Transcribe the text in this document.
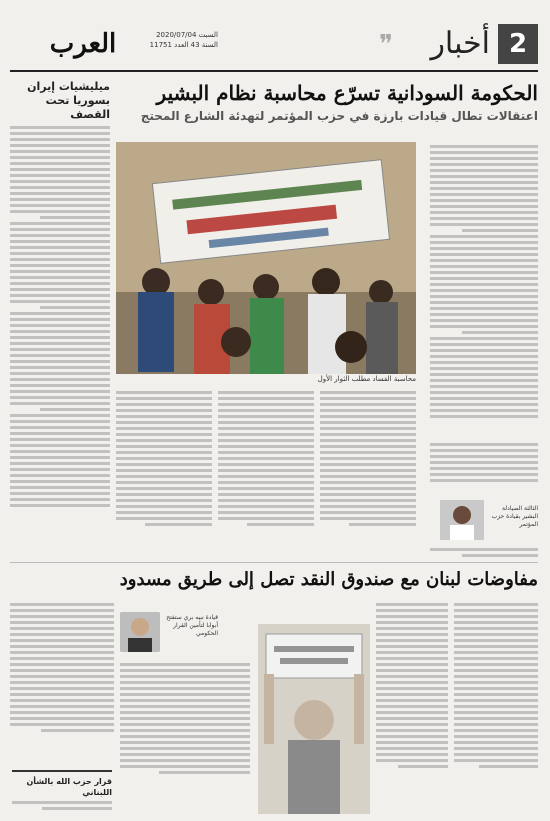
العرب	السبت 2020/07/04
السنة 43 العدد 11751	2
أخبار
❞
ميليشيات إيران بسوريا تحت القصف
الحكومة السودانية تسرّع محاسبة نظام البشير
اعتقالات تطال قيادات بارزة في حزب المؤتمر لتهدئة الشارع المحتج
محاسبة الفساد مطلب الثوار الأول
الثالثة الصيادلة البشير بقيادة حزب المؤتمر
مفاوضات لبنان مع صندوق النقد تصل إلى طريق مسدود
قيادة نبيه بري ستفتح أبوابا لتأمين القرار الحكومي
قرار حزب الله بالشأن اللبناني
